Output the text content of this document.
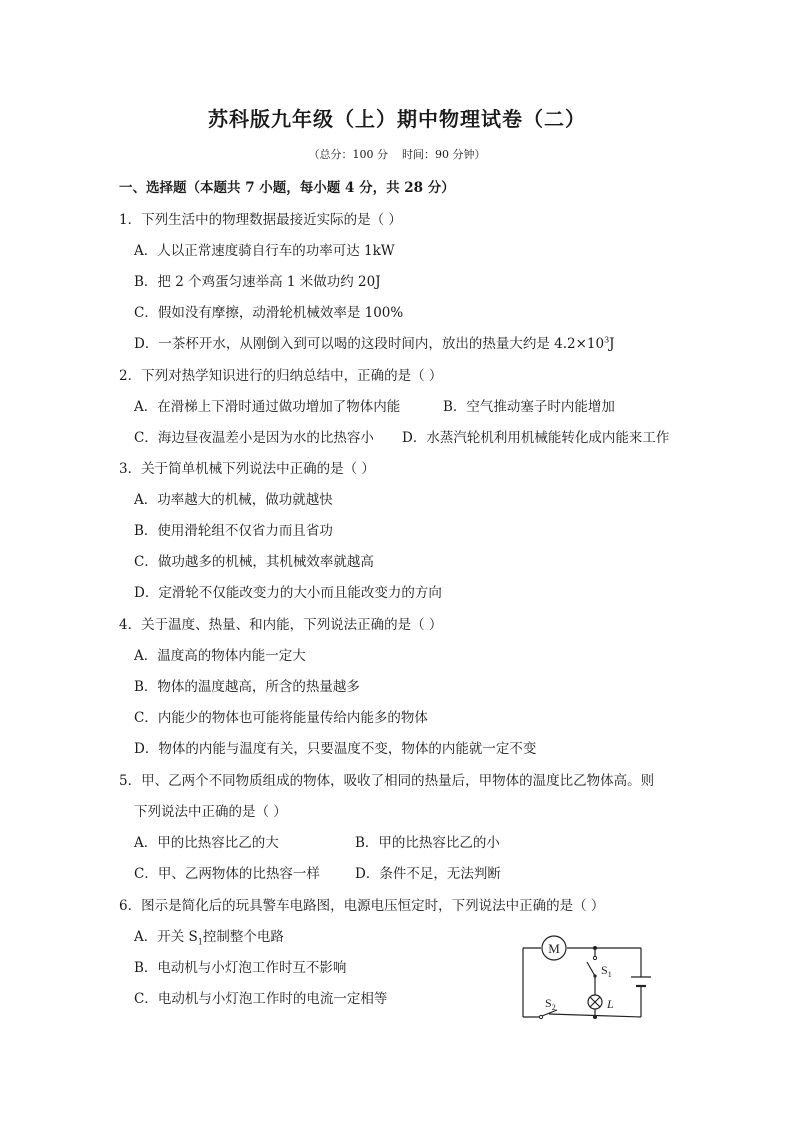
苏科版九年级（上）期中物理试卷（二）
（总分：100 分    时间：90 分钟）
一、选择题（本题共 7 小题，每小题 4 分，共 28 分）
1．下列生活中的物理数据最接近实际的是（ ）
A．人以正常速度骑自行车的功率可达 1kW
B．把 2 个鸡蛋匀速举高 1 米做功约 20J
C．假如没有摩擦，动滑轮机械效率是 100%
D．一茶杯开水，从刚倒入到可以喝的这段时间内，放出的热量大约是 $4.2\times 10^3J$
2．下列对热学知识进行的归纳总结中，正确的是（ ）
A．在滑梯上下滑时通过做功增加了物体内能	B．空气推动塞子时内能增加
C．海边昼夜温差小是因为水的比热容小 D．水蒸汽轮机利用机械能转化成内能来工作
3．关于简单机械下列说法中正确的是（ ）
A．功率越大的机械，做功就越快
B．使用滑轮组不仅省力而且省功
C．做功越多的机械，其机械效率就越高
D．定滑轮不仅能改变力的大小而且能改变力的方向
4．关于温度、热量、和内能，下列说法正确的是（ ）
A．温度高的物体内能一定大
B．物体的温度越高，所含的热量越多
C．内能少的物体也可能将能量传给内能多的物体
D．物体的内能与温度有关，只要温度不变，物体的内能就一定不变
5．甲、乙两个不同物质组成的物体，吸收了相同的热量后，甲物体的温度比乙物体高。则
下列说法中正确的是（ ）
A．甲的比热容比乙的大	B．甲的比热容比乙的小
C．甲、乙两物体的比热容一样	D．条件不足，无法判断
6．图示是简化后的玩具警车电路图，电源电压恒定时，下列说法中正确的是（ ）
A．开关 $S_1$控制整个电路
B．电动机与小灯泡工作时互不影响
C．电动机与小灯泡工作时的电流一定相等
M
$S_1$
L
$S_2$
